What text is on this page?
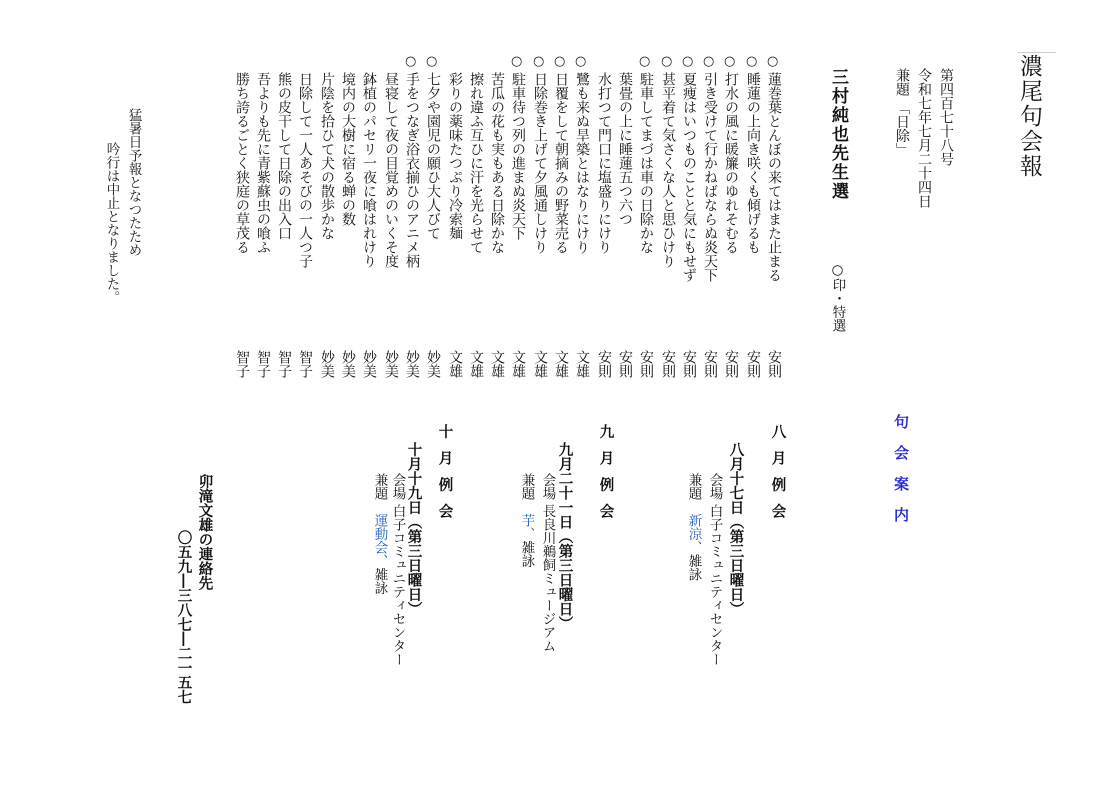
濃尾句会報
第四百七十八号
令和七年七月二十四日
兼題 「日除」
三村純也先生選
○印・特選
○
蓮巻葉とんぼの来てはまた止まる
安則
○
睡蓮の上向き咲くも傾げるも
安則
○
打水の風に暖簾のゆれそむる
安則
○
引き受けて行かねばならぬ炎天下
安則
○
夏痩はいつものことと気にもせず
安則
○
甚平着て気さくな人と思ひけり
安則
○
駐車してまづは車の日除かな
安則
葉畳の上に睡蓮五つ六つ
安則
水打つて門口に塩盛りにけり
安則
○
鷺も来ぬ旱築とはなりにけり
文雄
○
日覆をして朝摘みの野菜売る
文雄
○
日除巻き上げて夕風通しけり
文雄
○
駐車待つ列の進まぬ炎天下
文雄
苦瓜の花も実もある日除かな
文雄
擦れ違ふ互ひに汗を光らせて
文雄
彩りの薬味たつぷり冷索麺
文雄
○
七夕や園児の願ひ大人びて
妙美
○
手をつなぎ浴衣揃ひのアニメ柄
妙美
昼寝して夜の目覚めのいくそ度
妙美
鉢植のパセリ一夜に喰はれけり
妙美
境内の大樹に宿る蝉の数
妙美
片陰を拾ひて犬の散歩かな
妙美
日除して一人あそびの一人つ子
智子
熊の皮干して日除の出入口
智子
吾よりも先に青紫蘇虫の喰ふ
智子
勝ち誇るごとく狭庭の草茂る
智子
猛暑日予報となつたため
吟行は中止となりました。
句会案内
八月例会
八月十七日（第三日曜日）
会場 白子コミュニティセンター
兼題　新涼、雑詠
九月例会
九月二十一日（第三日曜日）
会場 長良川鵜飼ミュージアム
兼題　芋、雑詠
十月例会
十月十九日（第三日曜日）
会場 白子コミュニティセンター
兼題　運動会、雑詠
卯滝文雄の連絡先
〇五九―三八七―二一五七
